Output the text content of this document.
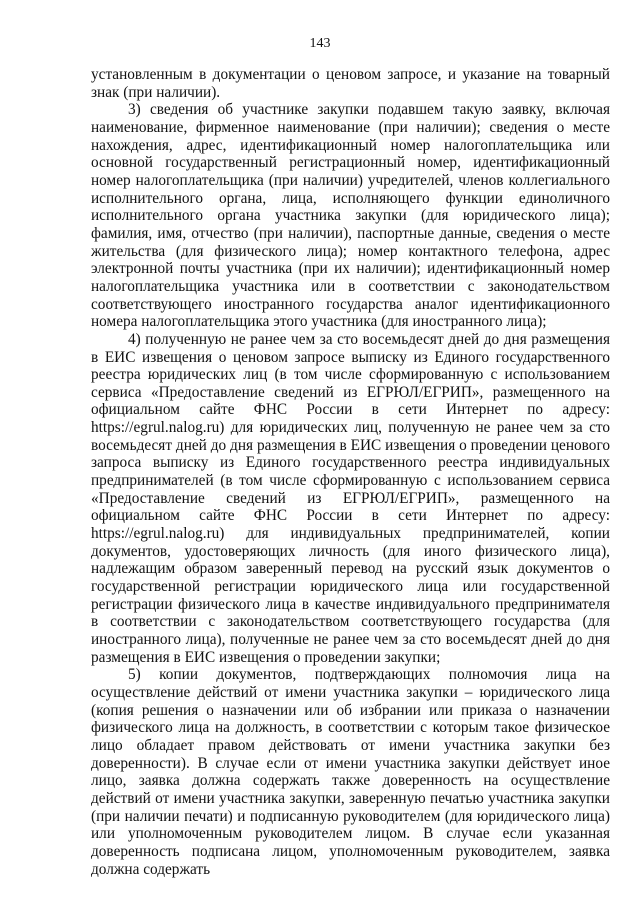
143

установленным в документации о ценовом запросе, и указание на товарный знак (при наличии).

3) сведения об участнике закупки подавшем такую заявку, включая наименование, фирменное наименование (при наличии); сведения о месте нахождения, адрес, идентификационный номер налогоплательщика или основной государственный регистрационный номер, идентификационный номер налогоплательщика (при наличии) учредителей, членов коллегиального исполнительного органа, лица, исполняющего функции единоличного исполнительного органа участника закупки (для юридического лица); фамилия, имя, отчество (при наличии), паспортные данные, сведения о месте жительства (для физического лица); номер контактного телефона, адрес электронной почты участника (при их наличии); идентификационный номер налогоплательщика участника или в соответствии с законодательством соответствующего иностранного государства аналог идентификационного номера налогоплательщика этого участника (для иностранного лица);

4) полученную не ранее чем за сто восемьдесят дней до дня размещения в ЕИС извещения о ценовом запросе выписку из Единого государственного реестра юридических лиц (в том числе сформированную с использованием сервиса «Предоставление сведений из ЕГРЮЛ/ЕГРИП», размещенного на официальном сайте ФНС России в сети Интернет по адресу: https://egrul.nalog.ru) для юридических лиц, полученную не ранее чем за сто восемьдесят дней до дня размещения в ЕИС извещения о проведении ценового запроса выписку из Единого государственного реестра индивидуальных предпринимателей (в том числе сформированную с использованием сервиса «Предоставление сведений из ЕГРЮЛ/ЕГРИП», размещенного на официальном сайте ФНС России в сети Интернет по адресу: https://egrul.nalog.ru) для индивидуальных предпринимателей, копии документов, удостоверяющих личность (для иного физического лица), надлежащим образом заверенный перевод на русский язык документов о государственной регистрации юридического лица или государственной регистрации физического лица в качестве индивидуального предпринимателя в соответствии с законодательством соответствующего государства (для иностранного лица), полученные не ранее чем за сто восемьдесят дней до дня размещения в ЕИС извещения о проведении закупки;

5) копии документов, подтверждающих полномочия лица на осуществление действий от имени участника закупки – юридического лица (копия решения о назначении или об избрании или приказа о назначении физического лица на должность, в соответствии с которым такое физическое лицо обладает правом действовать от имени участника закупки без доверенности). В случае если от имени участника закупки действует иное лицо, заявка должна содержать также доверенность на осуществление действий от имени участника закупки, заверенную печатью участника закупки (при наличии печати) и подписанную руководителем (для юридического лица) или уполномоченным руководителем лицом. В случае если указанная доверенность подписана лицом, уполномоченным руководителем, заявка должна содержать
